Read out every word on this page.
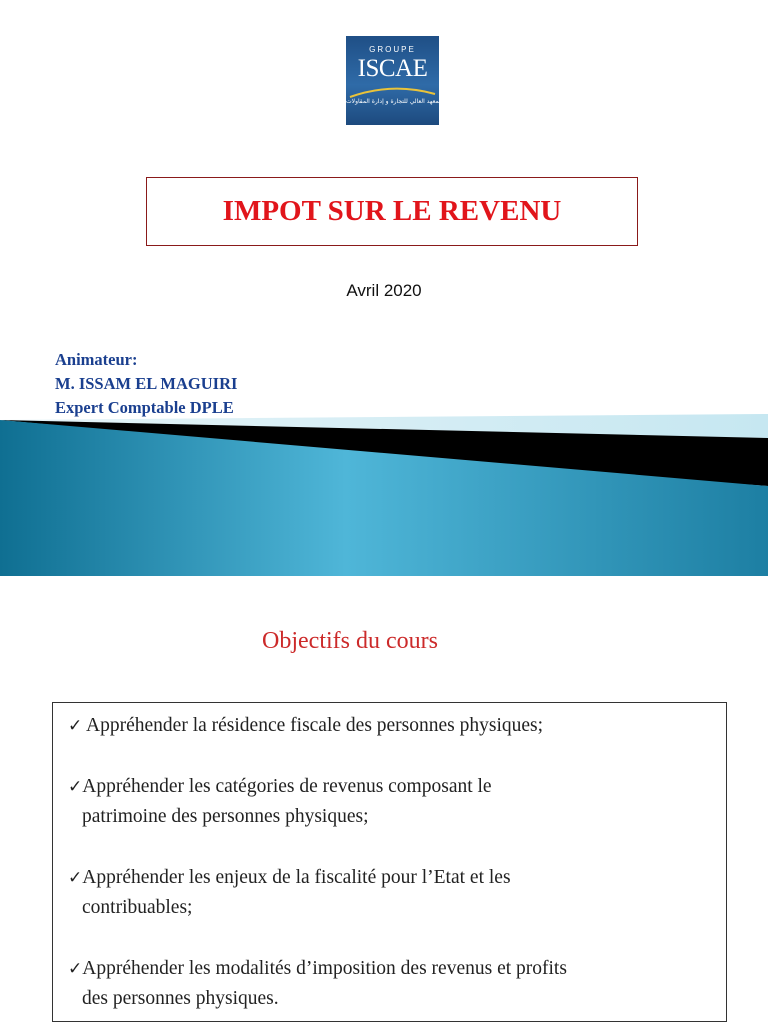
GROUPE
ISCAE
المعهد العالي للتجارة و إدارة المقاولات
IMPOT SUR LE REVENU
Avril 2020
Animateur:
M. ISSAM EL MAGUIRI
Expert Comptable DPLE
Objectifs du cours
✓ Appréhender la résidence fiscale des personnes physiques;
✓Appréhender les catégories de revenus composant le
patrimoine des personnes physiques;
✓Appréhender les enjeux de la fiscalité pour l’Etat et les
contribuables;
✓Appréhender les modalités d’imposition des revenus et profits
des personnes physiques.
